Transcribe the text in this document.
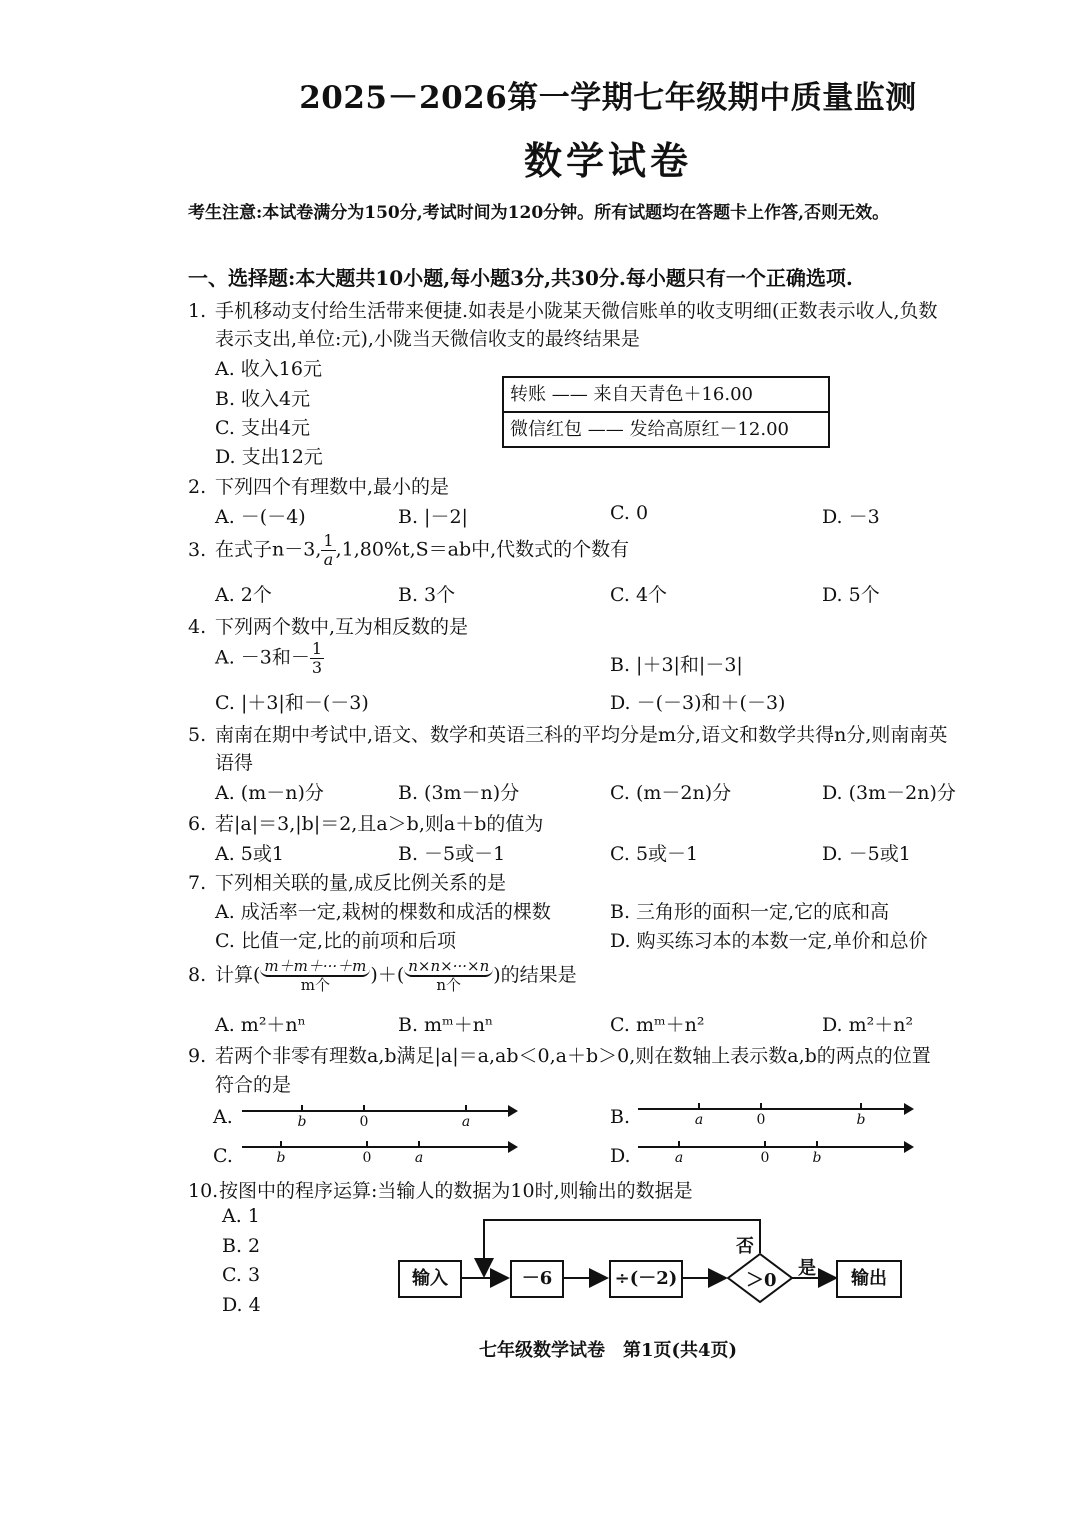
2025－2026第一学期七年级期中质量监测
数学试卷
考生注意:本试卷满分为150分,考试时间为120分钟。所有试题均在答题卡上作答,否则无效。
一、选择题:本大题共10小题,每小题3分,共30分.每小题只有一个正确选项.
1. 手机移动支付给生活带来便捷.如表是小陇某天微信账单的收支明细(正数表示收人,负数
表示支出,单位:元),小陇当天微信收支的最终结果是
A. 收入16元
B. 收入4元
C. 支出4元
D. 支出12元
转账 —— 来自天青色＋16.00
微信红包 —— 发给高原红－12.00
2. 下列四个有理数中,最小的是
A. －(－4)	B. |－2|	C. 0	D. －3
3. 在式子n－3, $\frac{1}{a} ,1,80\%t,S=ab$中,代数式的个数有
A. 2个	B. 3个	C. 4个	D. 5个
4. 下列两个数中,互为相反数的是
A. －3和－ $\frac{1}{3}$	B. |＋3|和|－3|
C. |＋3|和－(－3)	D. －(－3)和＋(－3)
5. 南南在期中考试中,语文、数学和英语三科的平均分是m分,语文和数学共得n分,则南南英
语得
A. (m－n)分	B. (3m－n)分	C. (m－2n)分	D. (3m－2n)分
6. 若|a|＝3,|b|＝2,且a＞b,则a＋b的值为
A. 5或1	B. －5或－1	C. 5或－1	D. －5或1
7. 下列相关联的量,成反比例关系的是
A. 成活率一定,栽树的棵数和成活的棵数	B. 三角形的面积一定,它的底和高
C. 比值一定,比的前项和后项	D. 购买练习本的本数一定,单价和总价
8. 计算( m＋m＋···＋m
m个	)＋( n×n×···×n
n个	)的结果是
A. m²＋nⁿ	B. mᵐ＋nⁿ	C. mᵐ＋n²	D. m²＋n²
9. 若两个非零有理数a,b满足|a|＝a,ab＜0,a＋b＞0,则在数轴上表示数a,b的两点的位置
符合的是
A.	b	0	a	B.	a	0	b
C.	b	0	a	D.	a	0	b
10.按图中的程序运算:当输人的数据为10时,则输出的数据是
A. 1
B. 2
C. 3
D. 4
输入	－6	÷(－2)	＞0
否
是	输出
七年级数学试卷　第1页(共4页)
